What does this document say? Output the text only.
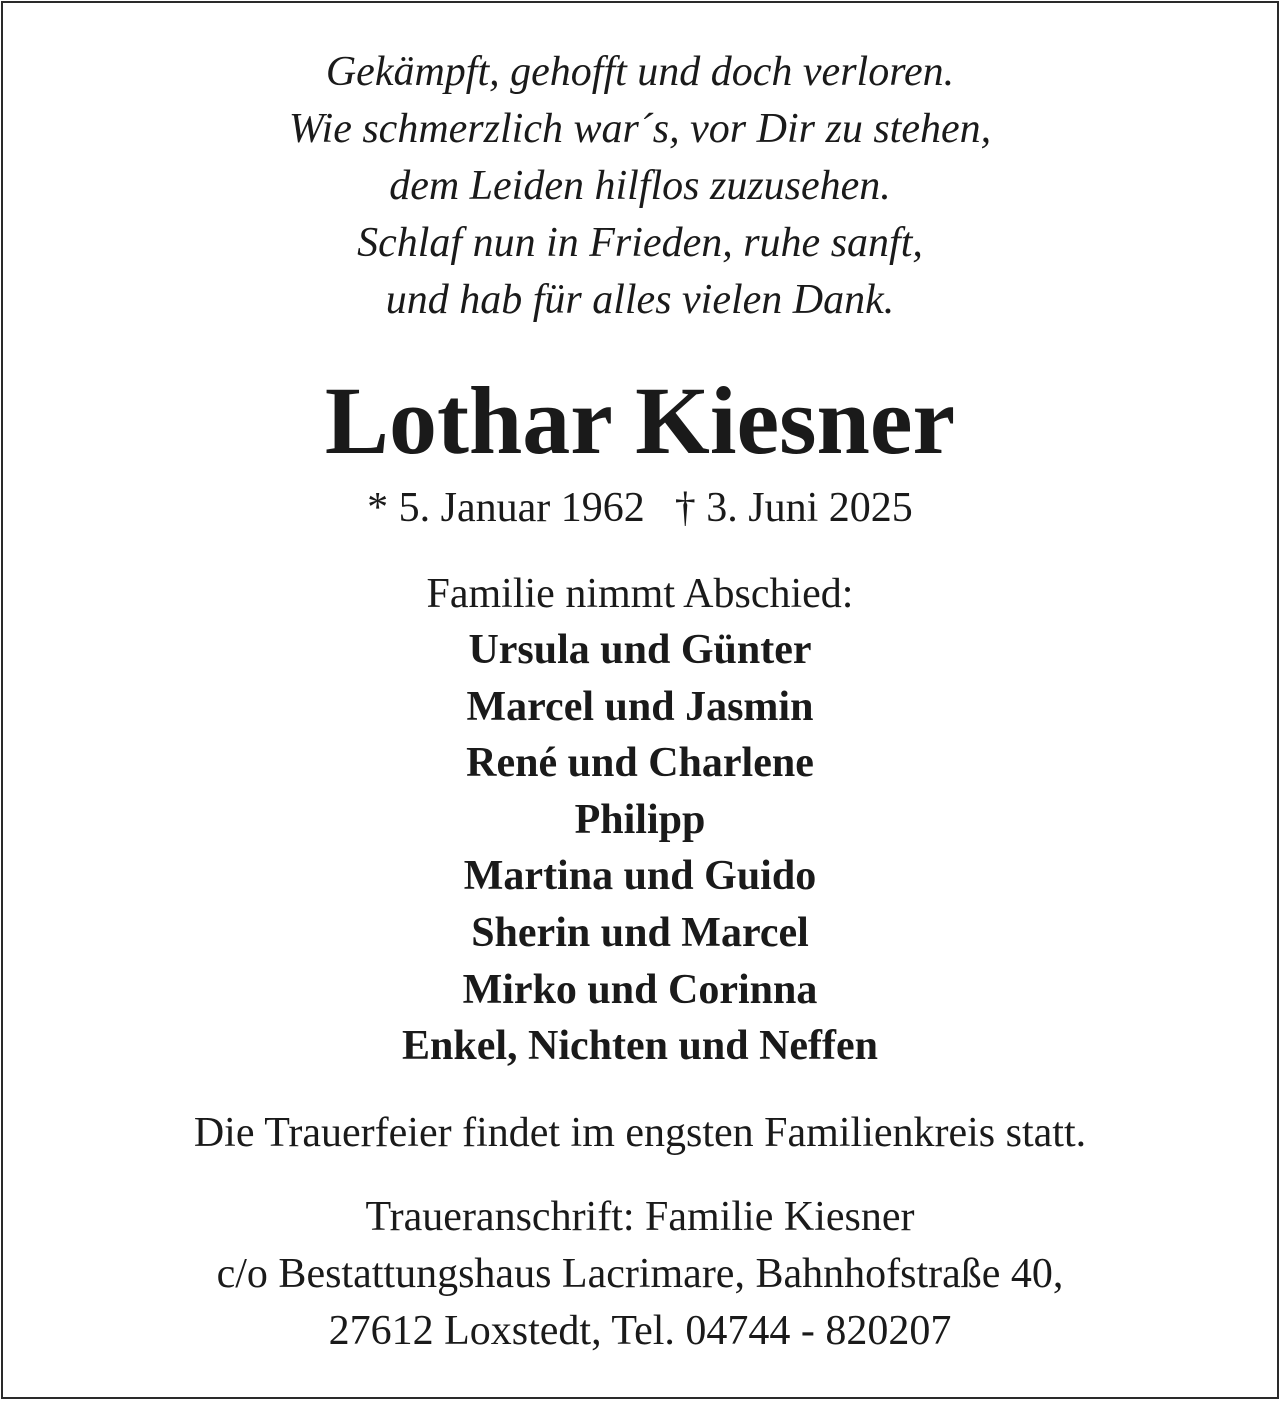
Gekämpft, gehofft und doch verloren.
Wie schmerzlich war´s, vor Dir zu stehen,
dem Leiden hilflos zuzusehen.
Schlaf nun in Frieden, ruhe sanft,
und hab für alles vielen Dank.
Lothar Kiesner
* 5. Januar 1962 † 3. Juni 2025
Familie nimmt Abschied:
Ursula und Günter
Marcel und Jasmin
René und Charlene
Philipp
Martina und Guido
Sherin und Marcel
Mirko und Corinna
Enkel, Nichten und Neffen
Die Trauerfeier findet im engsten Familienkreis statt.
Traueranschrift: Familie Kiesner
c/o Bestattungshaus Lacrimare, Bahnhofstraße 40,
27612 Loxstedt, Tel. 04744 - 820207
